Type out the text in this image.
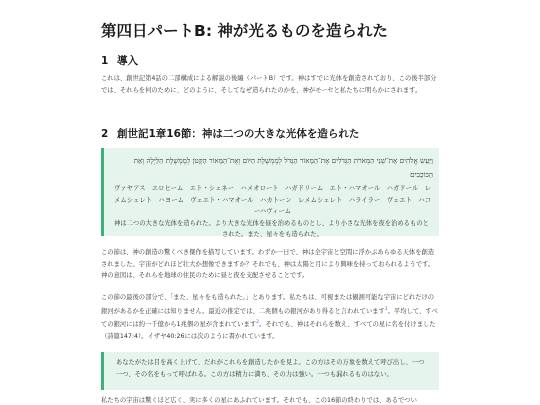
第四日パートB: 神が光るものを造られた
1 導入

これは、創世記第4話の二部構成による解説の後編（パートB）です。神はすでに光体を創造されており、この後半部分では、それらを何のために、どのように、そしてなぜ造られたのかを、神がモーセと私たちに明らかにされます。

2 創世記1章16節：神は二つの大きな光体を造られた
וַיַּעַשׂ אֱלֹהִים אֶת־שְׁנֵי הַמְּאֹרֹת הַגְּדֹלִים אֶת־הַמָּאוֹר הַגָּדֹל לְמֶמְשֶׁלֶת הַיּוֹם וְאֶת־הַמָּאוֹר הַקָּטֹן לְמֶמְשֶׁלֶת הַלַּיְלָה וְאֵת הַכּוֹכָבִים
ヴァヤアス　エロヒーム　エト・シェネー　ハメオロート　ハガドリーム　エト・ハマオール　ハガドール　レメムシェレト　ハヨーム　ヴェエト・ハマオール　ハカトーン　レメムシェレト　ハライラー　ヴェエト　ハコーハヴィーム
神は二つの大きな光体を造られた。より大きな光体を昼を治めるものとし、より小さな光体を夜を治めるものとされた。また、星々をも造られた。

この節は、神の創造の驚くべき傑作を描写しています。わずか一日で、神は全宇宙と空間に浮かぶあらゆる天体を創造されました。宇宙がどれほど壮大か想像できますか？それでも、神は太陽と月により興味を持っておられるようです。神の意図は、それらを地球の住民のために昼と夜を支配させることです。

この節の最後の部分で、「また、星々をも造られた。」とあります。私たちは、可視または観測可能な宇宙にどれだけの銀河があるかを正確には知りません。最近の推定では、二兆個もの銀河があり得ると言われています$^1$。平均して、すべての銀河には約一千億から1兆個の星が含まれています$^2$。それでも、神はそれらを数え、すべての星に名を付けました（詩篇147:4）。イザヤ40:26には次のように書かれています。

あなたがたは目を高く上げて、だれがこれらを創造したかを見よ。この方はその万象を数えて呼び出し、一つ一つ、その名をもって呼ばれる。この方は精力に満ち、その力は強い。一つも漏れるものはない。

私たちの宇宙は驚くほど広く、実に多くの星にあふれています。それでも、この16節の終わりでは、あるでつい
